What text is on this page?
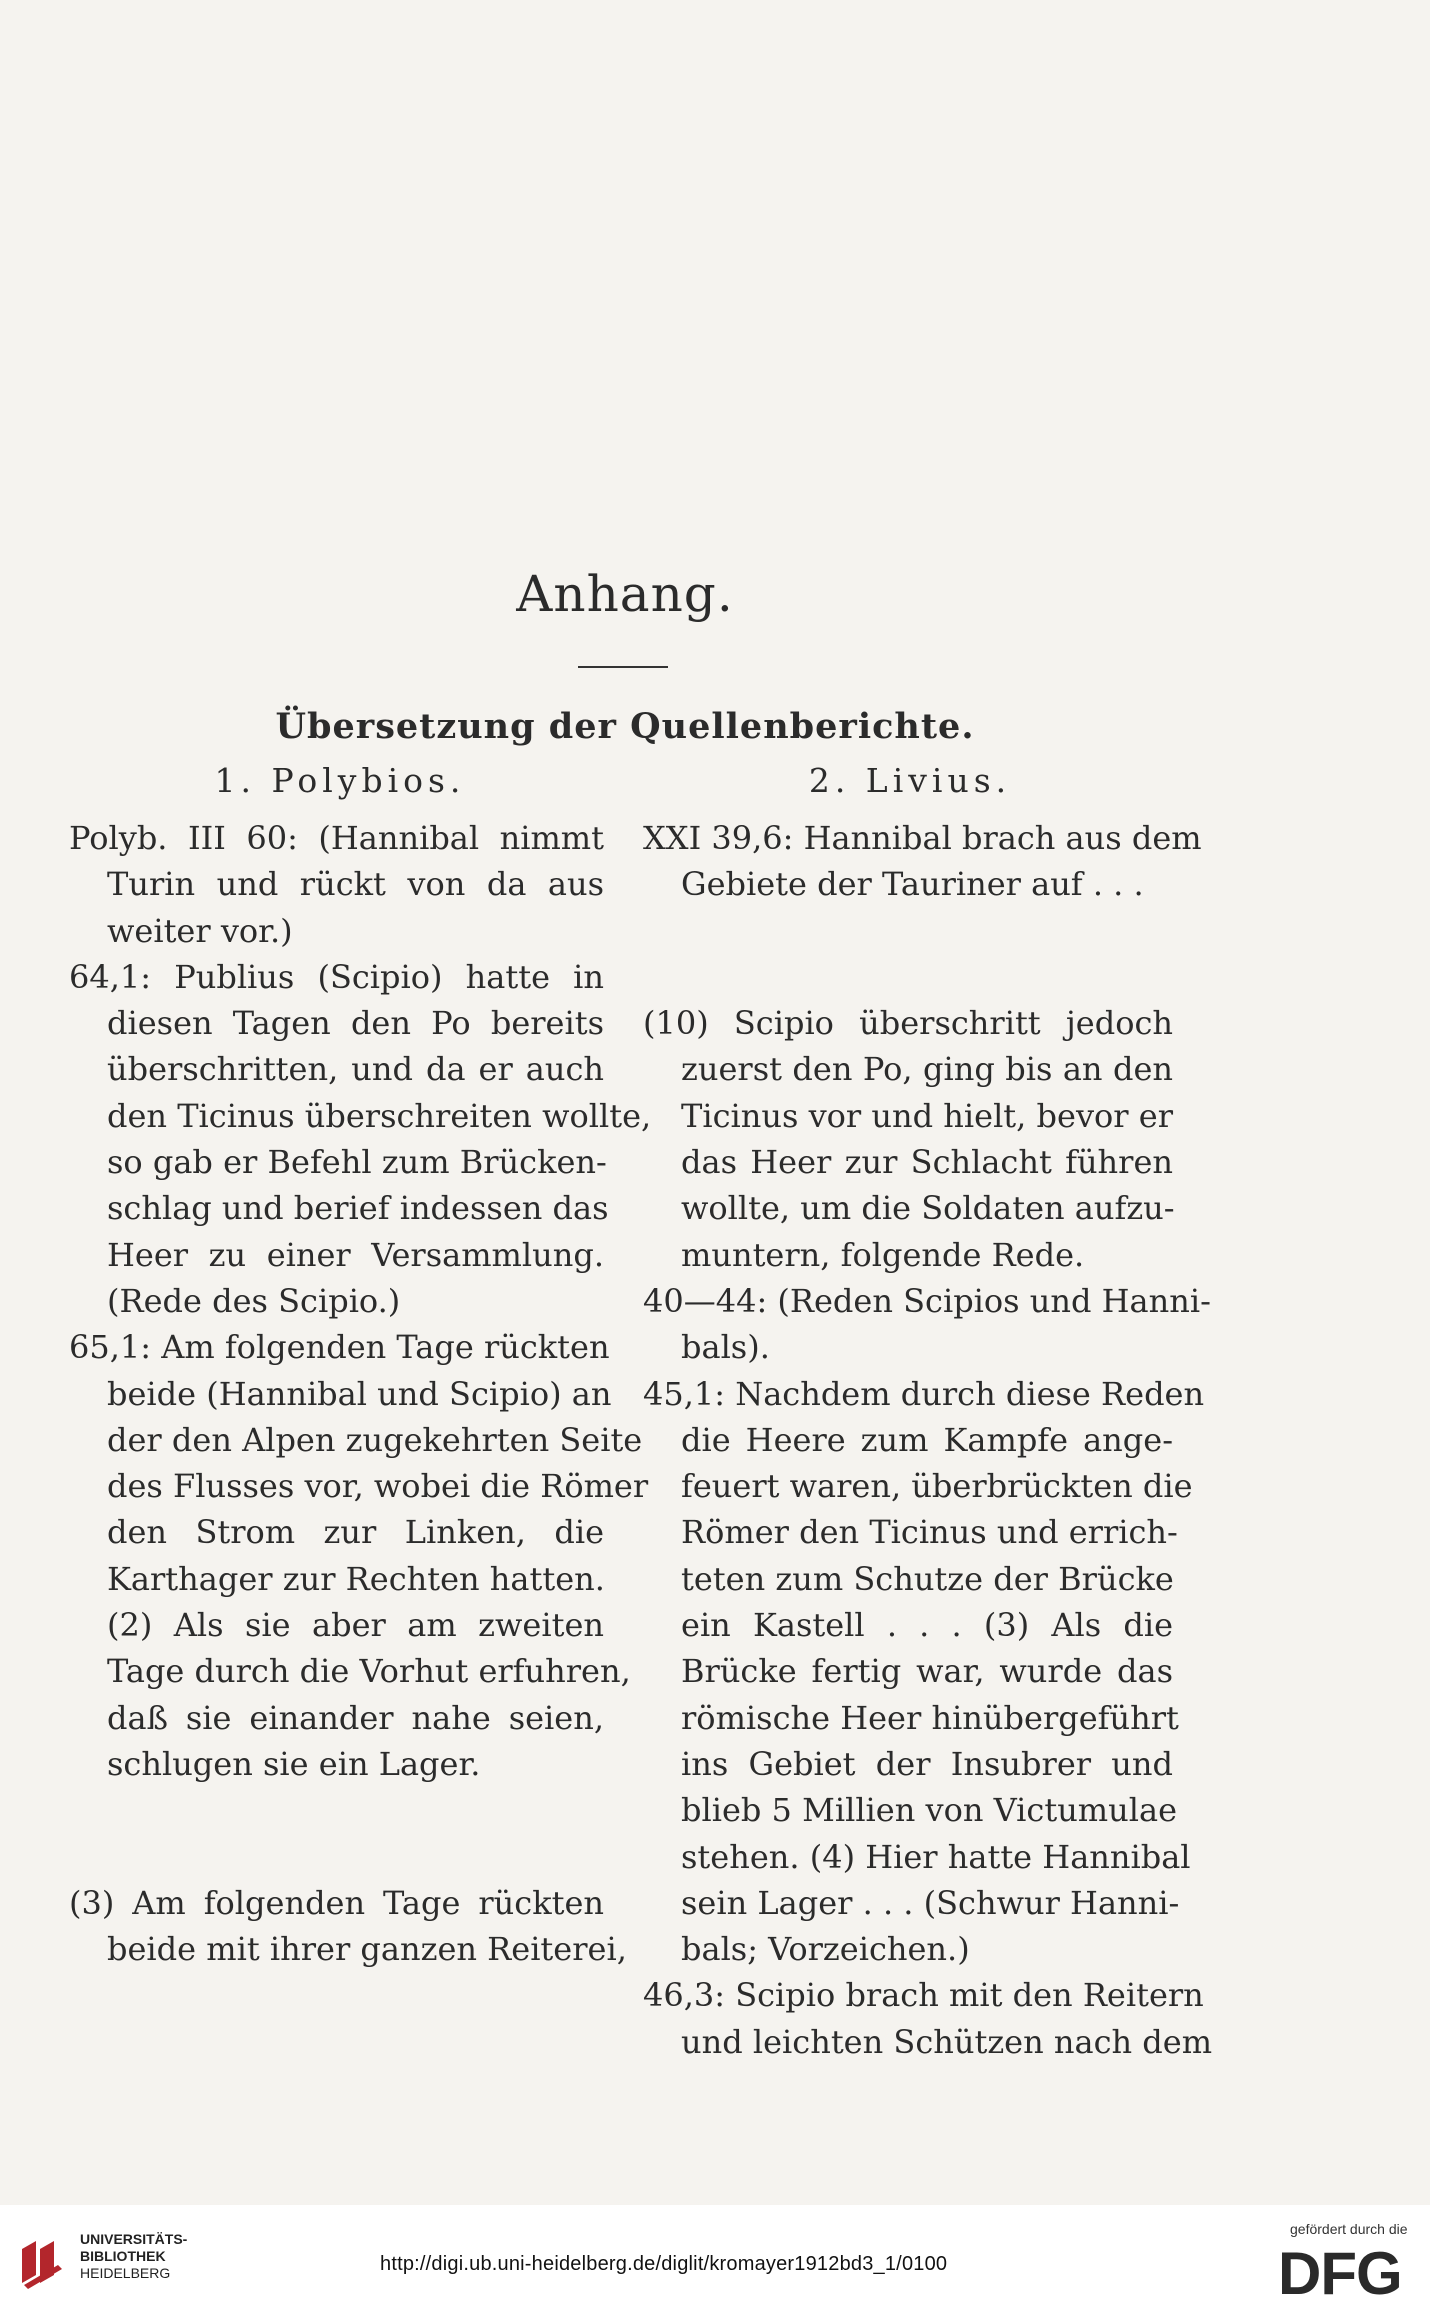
Anhang.
Übersetzung der Quellenberichte.
1. Polybios.	2. Livius.
Polyb. III 60: (Hannibal nimmt
Turin und rückt von da aus
weiter vor.)
64,1: Publius (Scipio) hatte in
diesen Tagen den Po bereits
überschritten, und da er auch
den Ticinus überschreiten wollte,
so gab er Befehl zum Brücken-
schlag und berief indessen das
Heer zu einer Versammlung.
(Rede des Scipio.)
65,1: Am folgenden Tage rückten
beide (Hannibal und Scipio) an
der den Alpen zugekehrten Seite
des Flusses vor, wobei die Römer
den Strom zur Linken, die
Karthager zur Rechten hatten.
(2) Als sie aber am zweiten
Tage durch die Vorhut erfuhren,
daß sie einander nahe seien,
schlugen sie ein Lager.
(3) Am folgenden Tage rückten
beide mit ihrer ganzen Reiterei,
XXI 39,6: Hannibal brach aus dem
Gebiete der Tauriner auf . . .
(10) Scipio überschritt jedoch
zuerst den Po, ging bis an den
Ticinus vor und hielt, bevor er
das Heer zur Schlacht führen
wollte, um die Soldaten aufzu-
muntern, folgende Rede.
40—44: (Reden Scipios und Hanni-
bals).
45,1: Nachdem durch diese Reden
die Heere zum Kampfe ange-
feuert waren, überbrückten die
Römer den Ticinus und errich-
teten zum Schutze der Brücke
ein Kastell . . . (3) Als die
Brücke fertig war, wurde das
römische Heer hinübergeführt
ins Gebiet der Insubrer und
blieb 5 Millien von Victumulae
stehen. (4) Hier hatte Hannibal
sein Lager . . . (Schwur Hanni-
bals; Vorzeichen.)
46,3: Scipio brach mit den Reitern
und leichten Schützen nach dem
UNIVERSITÄTS-
BIBLIOTHEK
HEIDELBERG	http://digi.ub.uni-heidelberg.de/diglit/kromayer1912bd3_1/0100
gefördert durch die
DFG
